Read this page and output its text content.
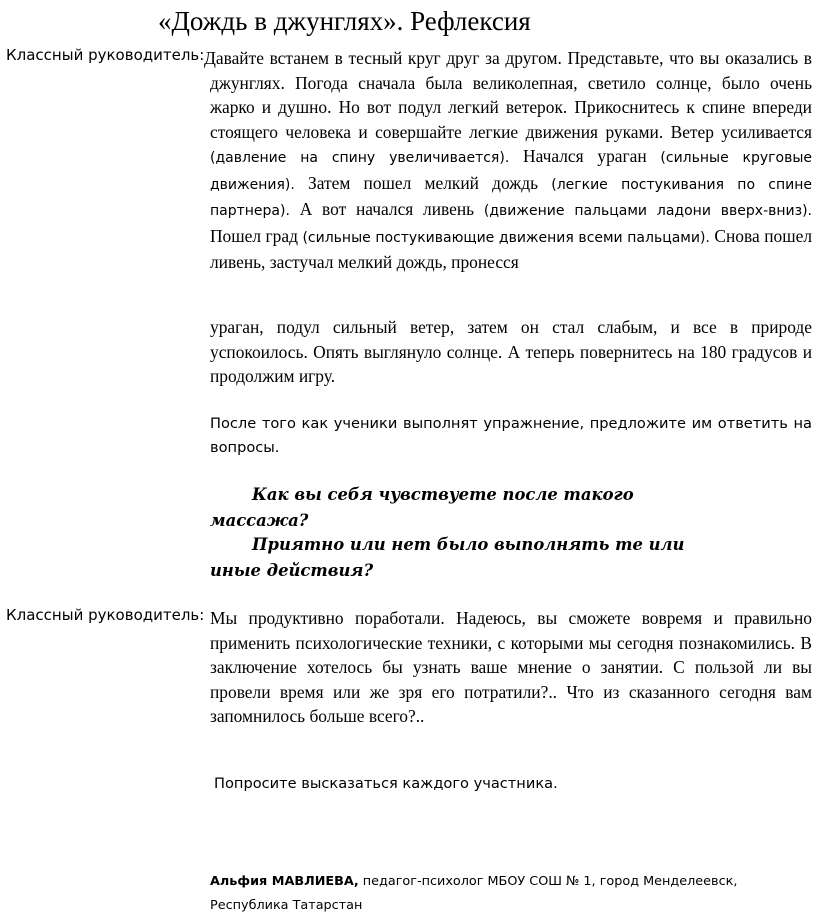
«Дождь в джунглях». Рефлексия
Классный руководитель: Давайте встанем в тесный круг друг за другом. Представьте, что вы оказались в джунглях. Погода сначала была великолепная, светило солнце, было очень жарко и душно. Но вот подул легкий ветерок. Прикоснитесь к спине впереди стоящего человека и совершайте легкие движения руками. Ветер усиливается (давление на спину увеличивается). Начался ураган (сильные круговые движения). Затем пошел мелкий дождь (легкие постукивания по спине партнера). А вот начался ливень (движение пальцами ладони вверх-вниз). Пошел град (сильные постукивающие движения всеми пальцами). Снова пошел ливень, застучал мелкий дождь, пронесся

ураган, подул сильный ветер, затем он стал слабым, и все в природе успокоилось. Опять выглянуло солнце. А теперь повернитесь на 180 градусов и продолжим игру.

После того как ученики выполнят упражнение, предложите им ответить на вопросы.

Как вы себя чувствуете после такого массажа?

Приятно или нет было выполнять те или иные действия?

Классный руководитель: Мы продуктивно поработали. Надеюсь, вы сможете вовремя и правильно применить психологические техники, с которыми мы сегодня познакомились. В заключение хотелось бы узнать ваше мнение о занятии. С пользой ли вы провели время или же зря его потратили?.. Что из сказанного сегодня вам запомнилось больше всего?..

Попросите высказаться каждого участника.

Альфия МАВЛИЕВА, педагог-психолог МБОУ СОШ № 1, город Менделеевск,
Республика Татарстан
